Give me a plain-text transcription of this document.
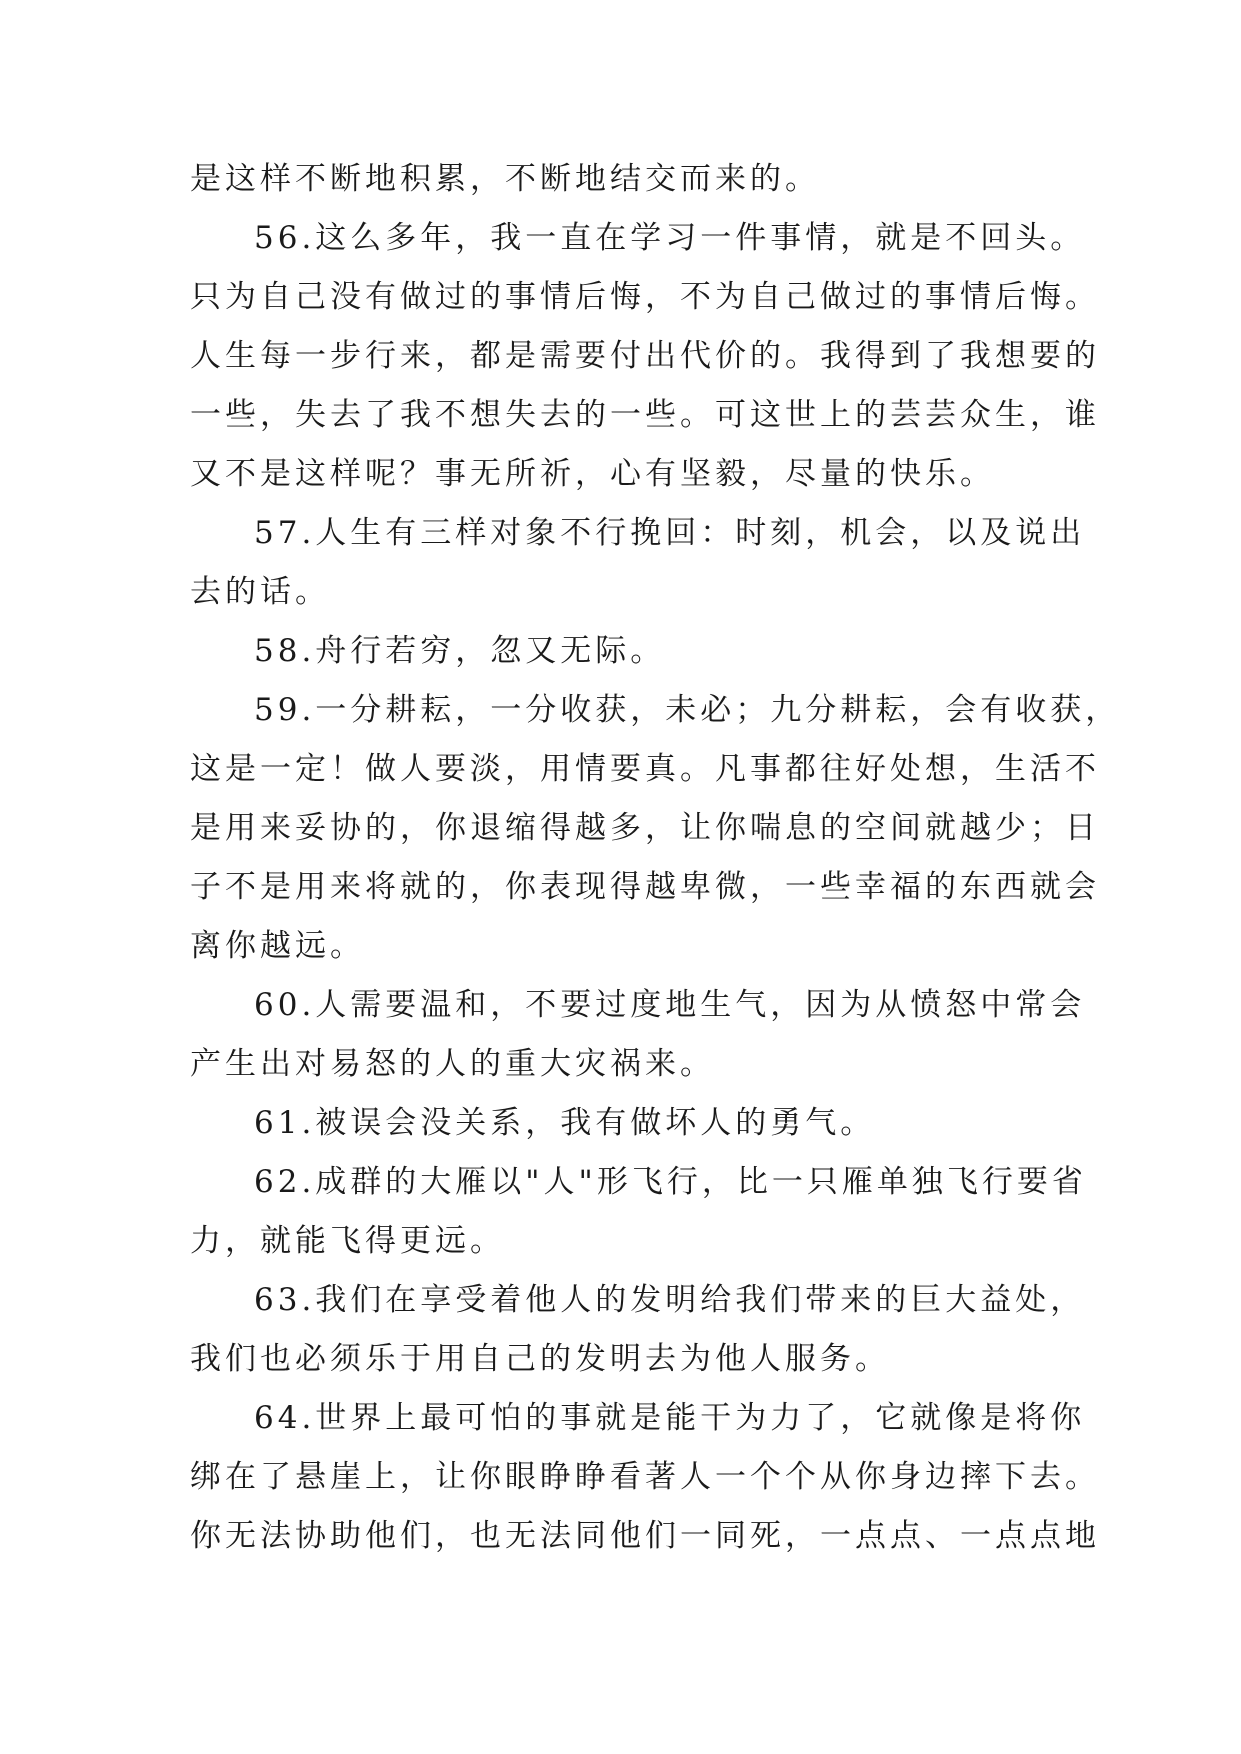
是这样不断地积累，不断地结交而来的。
56.这么多年，我一直在学习一件事情，就是不回头。
只为自己没有做过的事情后悔，不为自己做过的事情后悔。
人生每一步行来，都是需要付出代价的。我得到了我想要的
一些，失去了我不想失去的一些。可这世上的芸芸众生，谁
又不是这样呢？事无所祈，心有坚毅，尽量的快乐。
57.人生有三样对象不行挽回：时刻，机会，以及说出
去的话。
58.舟行若穷，忽又无际。
59.一分耕耘，一分收获，未必；九分耕耘，会有收获，
这是一定！做人要淡，用情要真。凡事都往好处想，生活不
是用来妥协的，你退缩得越多，让你喘息的空间就越少；日
子不是用来将就的，你表现得越卑微，一些幸福的东西就会
离你越远。
60.人需要温和，不要过度地生气，因为从愤怒中常会
产生出对易怒的人的重大灾祸来。
61.被误会没关系，我有做坏人的勇气。
62.成群的大雁以"人"形飞行，比一只雁单独飞行要省
力，就能飞得更远。
63.我们在享受着他人的发明给我们带来的巨大益处，
我们也必须乐于用自己的发明去为他人服务。
64.世界上最可怕的事就是能干为力了，它就像是将你
绑在了悬崖上，让你眼睁睁看著人一个个从你身边摔下去。
你无法协助他们，也无法同他们一同死，一点点、一点点地
